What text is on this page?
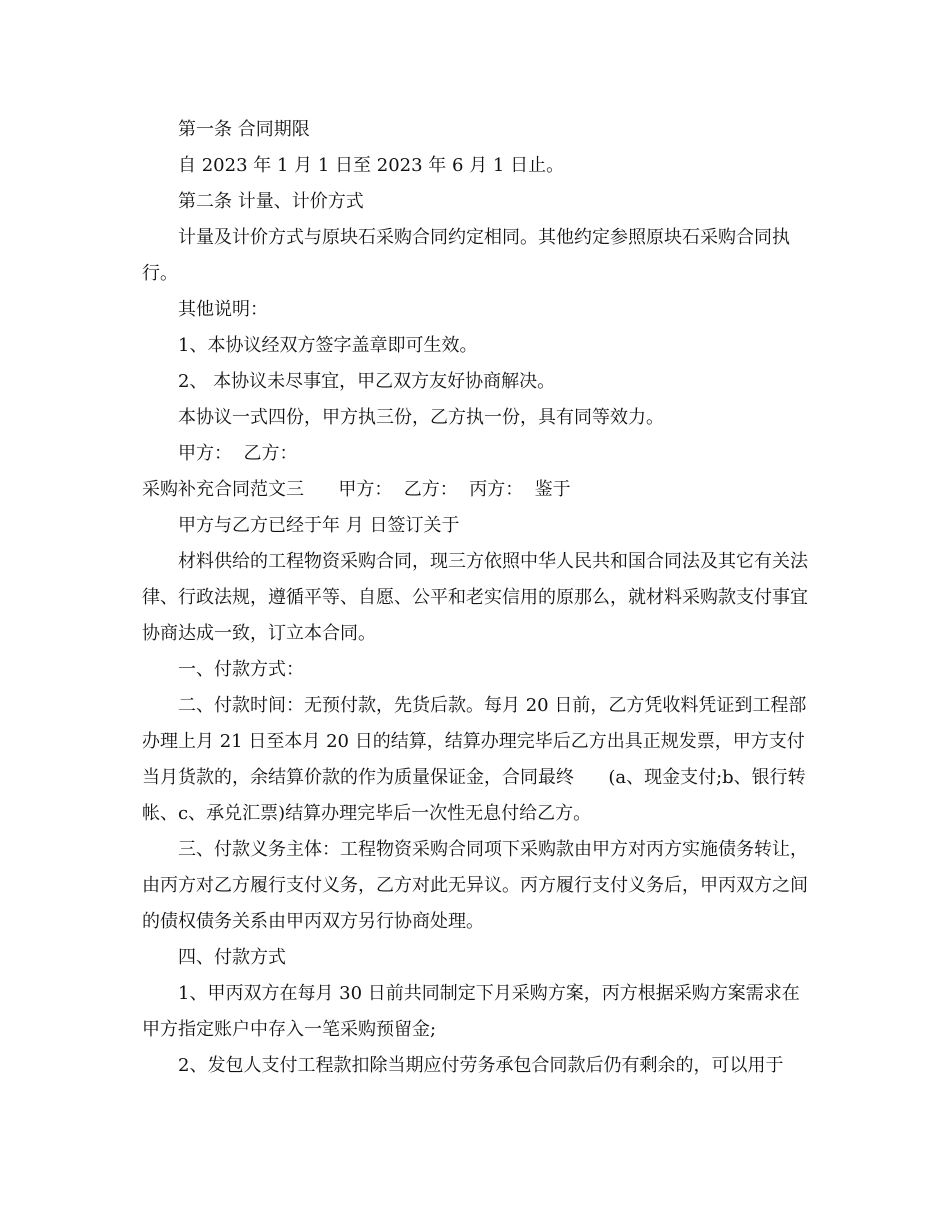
第一条 合同期限

自 2023 年 1 月 1 日至 2023 年 6 月 1 日止。

第二条 计量、计价方式

计量及计价方式与原块石采购合同约定相同。其他约定参照原块石采购合同执行。

其他说明：

1、本协议经双方签字盖章即可生效。

2、 本协议未尽事宜，甲乙双方友好协商解决。

本协议一式四份，甲方执三份，乙方执一份，具有同等效力。

甲方：  乙方：

采购补充合同范文三      甲方：  乙方：  丙方：  鉴于

甲方与乙方已经于年 月 日签订关于

材料供给的工程物资采购合同，现三方依照中华人民共和国合同法及其它有关法律、行政法规，遵循平等、自愿、公平和老实信用的原那么，就材料采购款支付事宜协商达成一致，订立本合同。

一、付款方式：

二、付款时间：无预付款，先货后款。每月 20 日前，乙方凭收料凭证到工程部办理上月 21 日至本月 20 日的结算，结算办理完毕后乙方出具正规发票，甲方支付当月货款的，余结算价款的作为质量保证金，合同最终      (a、现金支付;b、银行转帐、c、承兑汇票)结算办理完毕后一次性无息付给乙方。

三、付款义务主体：工程物资采购合同项下采购款由甲方对丙方实施债务转让，由丙方对乙方履行支付义务，乙方对此无异议。丙方履行支付义务后，甲丙双方之间的债权债务关系由甲丙双方另行协商处理。

四、付款方式

1、甲丙双方在每月 30 日前共同制定下月采购方案，丙方根据采购方案需求在甲方指定账户中存入一笔采购预留金;

2、发包人支付工程款扣除当期应付劳务承包合同款后仍有剩余的，可以用于
